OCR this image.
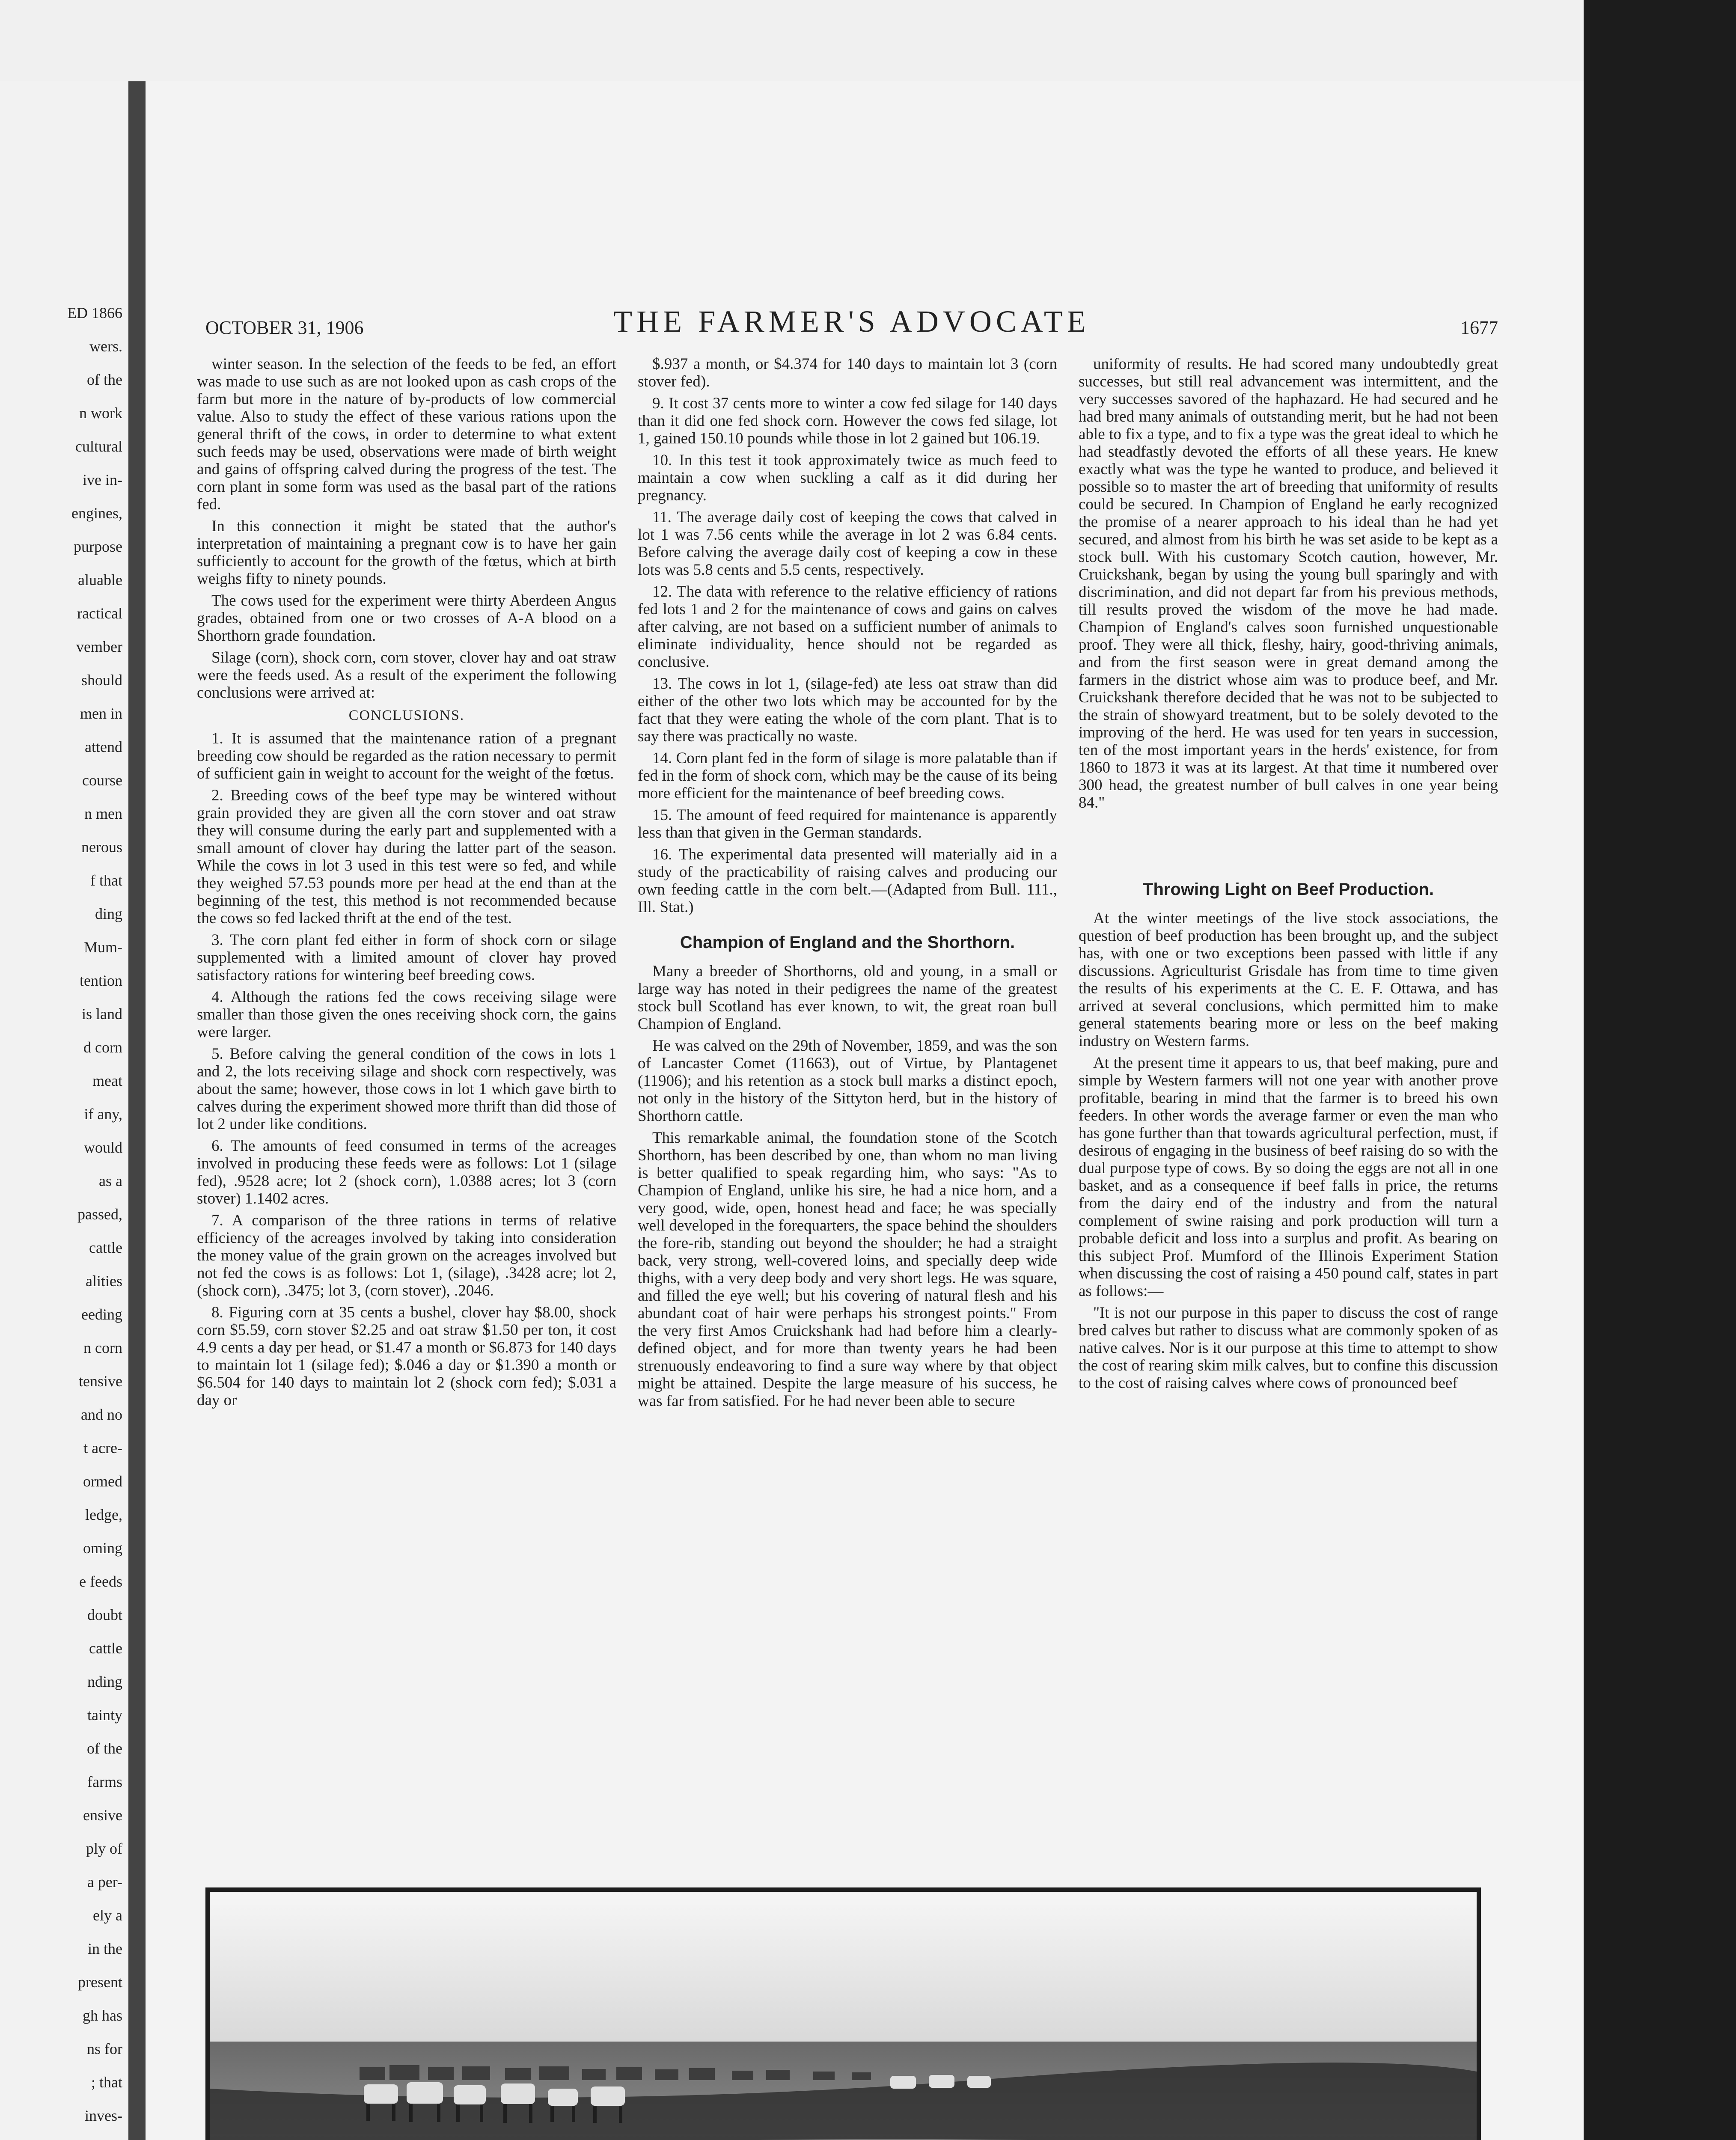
ED 1866
wers.
of the
n work
cultural
ive in-
engines,
purpose
aluable
ractical
vember
should
men in
attend
course
n men
nerous
f that
ding
Mum-
tention
is land
d corn
meat
if any,
would
as a
passed,
cattle
alities
eeding
n corn
tensive
and no
t acre-
ormed
ledge,
oming
e feeds
doubt
cattle
nding
tainty
of the
farms
ensive
ply of
a per-
ely a
in the
present
gh has
ns for
; that
inves-
OCTOBER 31, 1906	THE FARMER'S ADVOCATE	1677

winter season. In the selection of the feeds to be fed, an effort was made to use such as are not looked upon as cash crops of the farm but more in the nature of by-products of low commercial value. Also to study the effect of these various rations upon the general thrift of the cows, in order to determine to what extent such feeds may be used, observations were made of birth weight and gains of offspring calved during the progress of the test. The corn plant in some form was used as the basal part of the rations fed.

In this connection it might be stated that the author's interpretation of maintaining a pregnant cow is to have her gain sufficiently to account for the growth of the fœtus, which at birth weighs fifty to ninety pounds.

The cows used for the experiment were thirty Aberdeen Angus grades, obtained from one or two crosses of A-A blood on a Shorthorn grade foundation.

Silage (corn), shock corn, corn stover, clover hay and oat straw were the feeds used. As a result of the experiment the following conclusions were arrived at:

CONCLUSIONS.

1. It is assumed that the maintenance ration of a pregnant breeding cow should be regarded as the ration necessary to permit of sufficient gain in weight to account for the weight of the fœtus.

2. Breeding cows of the beef type may be wintered without grain provided they are given all the corn stover and oat straw they will consume during the early part and supplemented with a small amount of clover hay during the latter part of the season. While the cows in lot 3 used in this test were so fed, and while they weighed 57.53 pounds more per head at the end than at the beginning of the test, this method is not recommended because the cows so fed lacked thrift at the end of the test.

3. The corn plant fed either in form of shock corn or silage supplemented with a limited amount of clover hay proved satisfactory rations for wintering beef breeding cows.

4. Although the rations fed the cows receiving silage were smaller than those given the ones receiving shock corn, the gains were larger.

5. Before calving the general condition of the cows in lots 1 and 2, the lots receiving silage and shock corn respectively, was about the same; however, those cows in lot 1 which gave birth to calves during the experiment showed more thrift than did those of lot 2 under like conditions.

6. The amounts of feed consumed in terms of the acreages involved in producing these feeds were as follows: Lot 1 (silage fed), .9528 acre; lot 2 (shock corn), 1.0388 acres; lot 3 (corn stover) 1.1402 acres.

7. A comparison of the three rations in terms of relative efficiency of the acreages involved by taking into consideration the money value of the grain grown on the acreages involved but not fed the cows is as follows: Lot 1, (silage), .3428 acre; lot 2, (shock corn), .3475; lot 3, (corn stover), .2046.

8. Figuring corn at 35 cents a bushel, clover hay $8.00, shock corn $5.59, corn stover $2.25 and oat straw $1.50 per ton, it cost 4.9 cents a day per head, or $1.47 a month or $6.873 for 140 days to maintain lot 1 (silage fed); $.046 a day or $1.390 a month or $6.504 for 140 days to maintain lot 2 (shock corn fed); $.031 a day or

$.937 a month, or $4.374 for 140 days to maintain lot 3 (corn stover fed).

9. It cost 37 cents more to winter a cow fed silage for 140 days than it did one fed shock corn. However the cows fed silage, lot 1, gained 150.10 pounds while those in lot 2 gained but 106.19.

10. In this test it took approximately twice as much feed to maintain a cow when suckling a calf as it did during her pregnancy.

11. The average daily cost of keeping the cows that calved in lot 1 was 7.56 cents while the average in lot 2 was 6.84 cents. Before calving the average daily cost of keeping a cow in these lots was 5.8 cents and 5.5 cents, respectively.

12. The data with reference to the relative efficiency of rations fed lots 1 and 2 for the maintenance of cows and gains on calves after calving, are not based on a sufficient number of animals to eliminate individuality, hence should not be regarded as conclusive.

13. The cows in lot 1, (silage-fed) ate less oat straw than did either of the other two lots which may be accounted for by the fact that they were eating the whole of the corn plant. That is to say there was practically no waste.

14. Corn plant fed in the form of silage is more palatable than if fed in the form of shock corn, which may be the cause of its being more efficient for the maintenance of beef breeding cows.

15. The amount of feed required for maintenance is apparently less than that given in the German standards.

16. The experimental data presented will materially aid in a study of the practicability of raising calves and producing our own feeding cattle in the corn belt.—(Adapted from Bull. 111., Ill. Stat.)

Champion of England and the Shorthorn.

Many a breeder of Shorthorns, old and young, in a small or large way has noted in their pedigrees the name of the greatest stock bull Scotland has ever known, to wit, the great roan bull Champion of England.

He was calved on the 29th of November, 1859, and was the son of Lancaster Comet (11663), out of Virtue, by Plantagenet (11906); and his retention as a stock bull marks a distinct epoch, not only in the history of the Sittyton herd, but in the history of Shorthorn cattle.

This remarkable animal, the foundation stone of the Scotch Shorthorn, has been described by one, than whom no man living is better qualified to speak regarding him, who says: "As to Champion of England, unlike his sire, he had a nice horn, and a very good, wide, open, honest head and face; he was specially well developed in the forequarters, the space behind the shoulders the fore-rib, standing out beyond the shoulder; he had a straight back, very strong, well-covered loins, and specially deep wide thighs, with a very deep body and very short legs. He was square, and filled the eye well; but his covering of natural flesh and his abundant coat of hair were perhaps his strongest points." From the very first Amos Cruickshank had had before him a clearly-defined object, and for more than twenty years he had been strenuously endeavoring to find a sure way where by that object might be attained. Despite the large measure of his success, he was far from satisfied. For he had never been able to secure

uniformity of results. He had scored many undoubtedly great successes, but still real advancement was intermittent, and the very successes savored of the haphazard. He had secured and he had bred many animals of outstanding merit, but he had not been able to fix a type, and to fix a type was the great ideal to which he had steadfastly devoted the efforts of all these years. He knew exactly what was the type he wanted to produce, and believed it possible so to master the art of breeding that uniformity of results could be secured. In Champion of England he early recognized the promise of a nearer approach to his ideal than he had yet secured, and almost from his birth he was set aside to be kept as a stock bull. With his customary Scotch caution, however, Mr. Cruickshank, began by using the young bull sparingly and with discrimination, and did not depart far from his previous methods, till results proved the wisdom of the move he had made. Champion of England's calves soon furnished unquestionable proof. They were all thick, fleshy, hairy, good-thriving animals, and from the first season were in great demand among the farmers in the district whose aim was to produce beef, and Mr. Cruickshank therefore decided that he was not to be subjected to the strain of showyard treatment, but to be solely devoted to the improving of the herd. He was used for ten years in succession, ten of the most important years in the herds' existence, for from 1860 to 1873 it was at its largest. At that time it numbered over 300 head, the greatest number of bull calves in one year being 84."

Throwing Light on Beef Production.

At the winter meetings of the live stock associations, the question of beef production has been brought up, and the subject has, with one or two exceptions been passed with little if any discussions. Agriculturist Grisdale has from time to time given the results of his experiments at the C. E. F. Ottawa, and has arrived at several conclusions, which permitted him to make general statements bearing more or less on the beef making industry on Western farms.

At the present time it appears to us, that beef making, pure and simple by Western farmers will not one year with another prove profitable, bearing in mind that the farmer is to breed his own feeders. In other words the average farmer or even the man who has gone further than that towards agricultural perfection, must, if desirous of engaging in the business of beef raising do so with the dual purpose type of cows. By so doing the eggs are not all in one basket, and as a consequence if beef falls in price, the returns from the dairy end of the industry and from the natural complement of swine raising and pork production will turn a probable deficit and loss into a surplus and profit. As bearing on this subject Prof. Mumford of the Illinois Experiment Station when discussing the cost of raising a 450 pound calf, states in part as follows:—

"It is not our purpose in this paper to discuss the cost of range bred calves but rather to discuss what are commonly spoken of as native calves. Nor is it our purpose at this time to attempt to show the cost of rearing skim milk calves, but to confine this discussion to the cost of raising calves where cows of pronounced beef
